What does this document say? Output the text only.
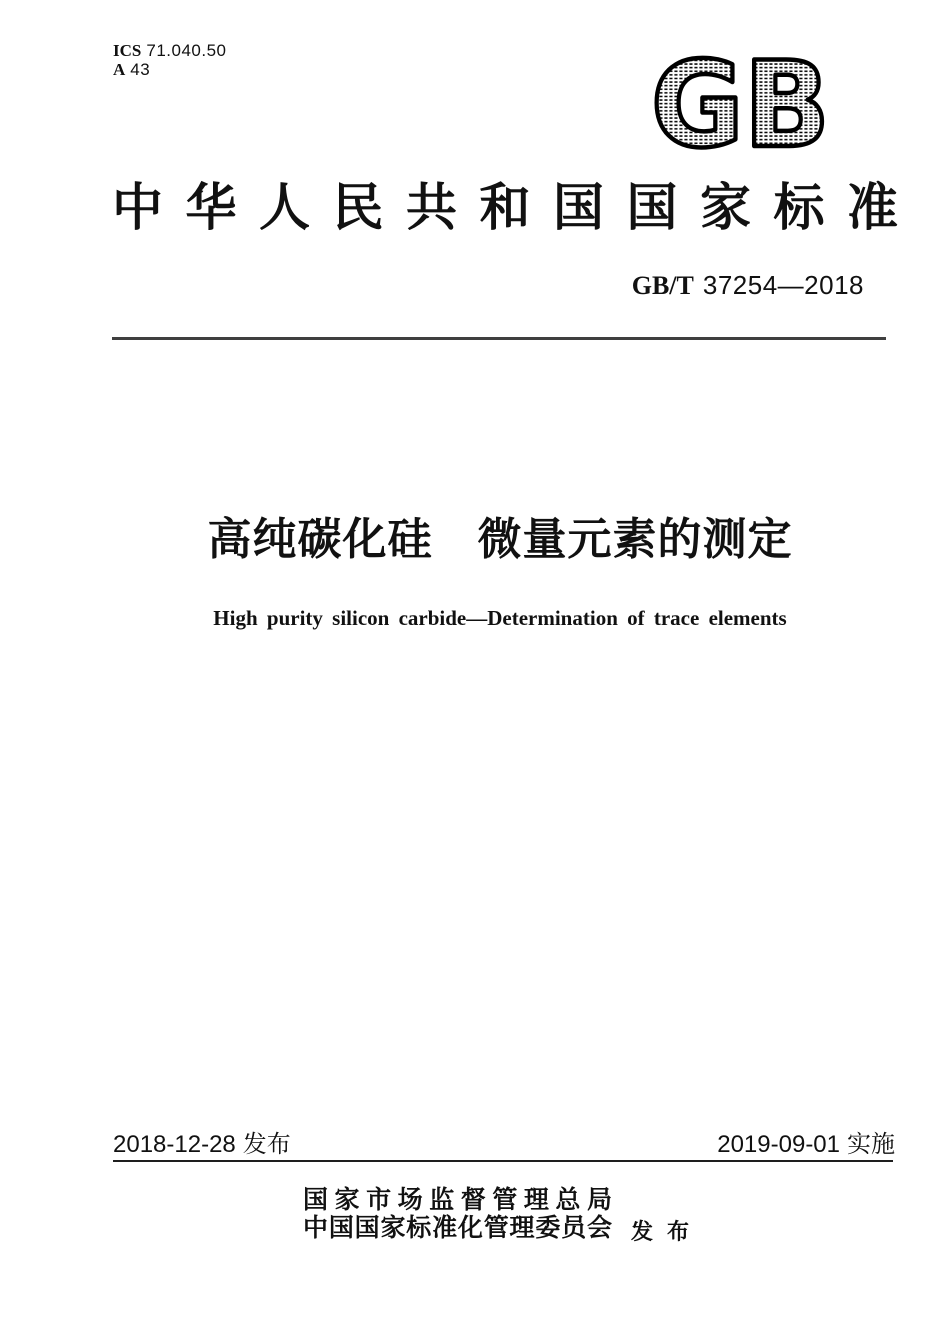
ICS 71.040.50
A 43	GB
中华人民共和国国家标准
GB/T 37254—2018
高纯碳化硅　微量元素的测定
High purity silicon carbide—Determination of trace elements
2018-12-28 发布	2019-09-01 实施
国家市场监督管理总局
中国国家标准化管理委员会 发布
